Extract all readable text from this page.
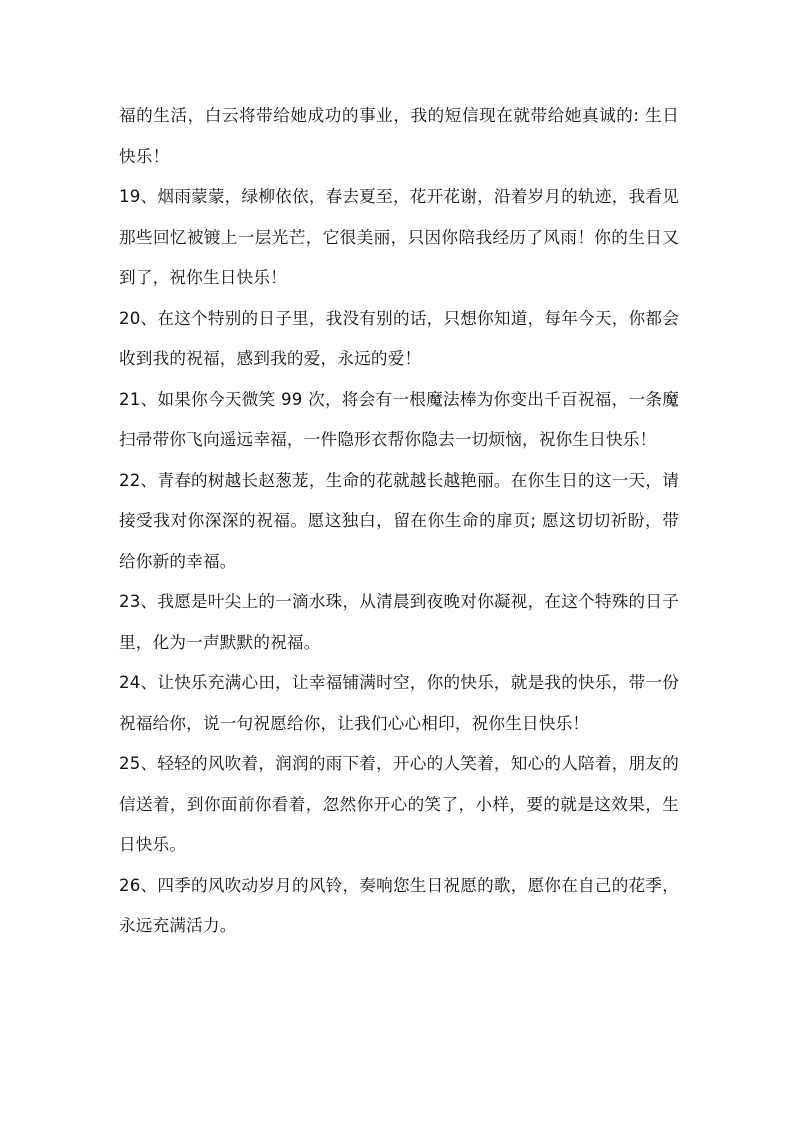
福的生活，白云将带给她成功的事业，我的短信现在就带给她真诚的: 生日快乐！

19、烟雨蒙蒙，绿柳依依，春去夏至，花开花谢，沿着岁月的轨迹，我看见那些回忆被镀上一层光芒，它很美丽，只因你陪我经历了风雨！你的生日又到了，祝你生日快乐！

20、在这个特别的日子里，我没有别的话，只想你知道，每年今天，你都会收到我的祝福，感到我的爱，永远的爱！

21、如果你今天微笑 99 次，将会有一根魔法棒为你变出千百祝福，一条魔扫帚带你飞向遥远幸福，一件隐形衣帮你隐去一切烦恼，祝你生日快乐！

22、青春的树越长赵葱茏，生命的花就越长越艳丽。在你生日的这一天，请接受我对你深深的祝福。愿这独白，留在你生命的扉页; 愿这切切祈盼，带给你新的幸福。

23、我愿是叶尖上的一滴水珠，从清晨到夜晚对你凝视，在这个特殊的日子里，化为一声默默的祝福。

24、让快乐充满心田，让幸福铺满时空，你的快乐，就是我的快乐，带一份祝福给你，说一句祝愿给你，让我们心心相印，祝你生日快乐！

25、轻轻的风吹着，润润的雨下着，开心的人笑着，知心的人陪着，朋友的信送着，到你面前你看着，忽然你开心的笑了，小样，要的就是这效果，生日快乐。

26、四季的风吹动岁月的风铃，奏响您生日祝愿的歌，愿你在自己的花季，永远充满活力。
